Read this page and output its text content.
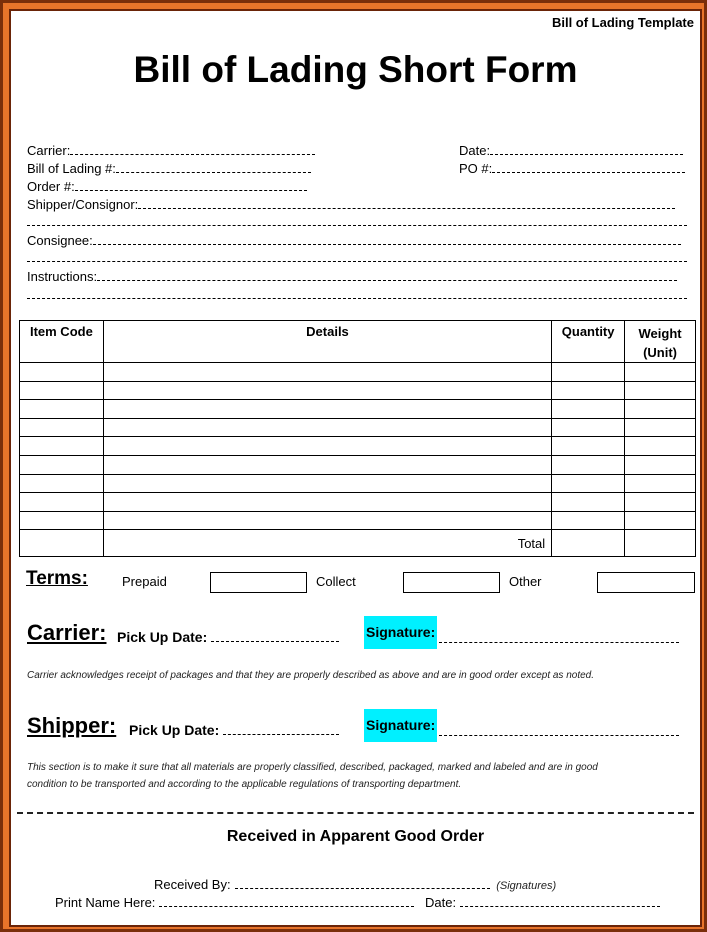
Bill of Lading Template
Bill of Lading Short Form
Carrier:
Bill of Lading #:
Order #:
Shipper/Consignor:
Consignee:
Instructions:
Date:
PO #:
Item Code	Details	Quantity	Weight (Unit)

	Total		
Terms:	Prepaid	Collect	Other
Carrier: Pick Up Date:	Signature:
Carrier acknowledges receipt of packages and that they are properly described as above and are in good order except as noted.
Shipper: Pick Up Date:	Signature:
This section is to make it sure that all materials are properly classified, described, packaged, marked and labeled and are in good
condition to be transported and according to the applicable regulations of transporting department.
Received in Apparent Good Order
Received By:	(Signatures)
Print Name Here:	Date:
